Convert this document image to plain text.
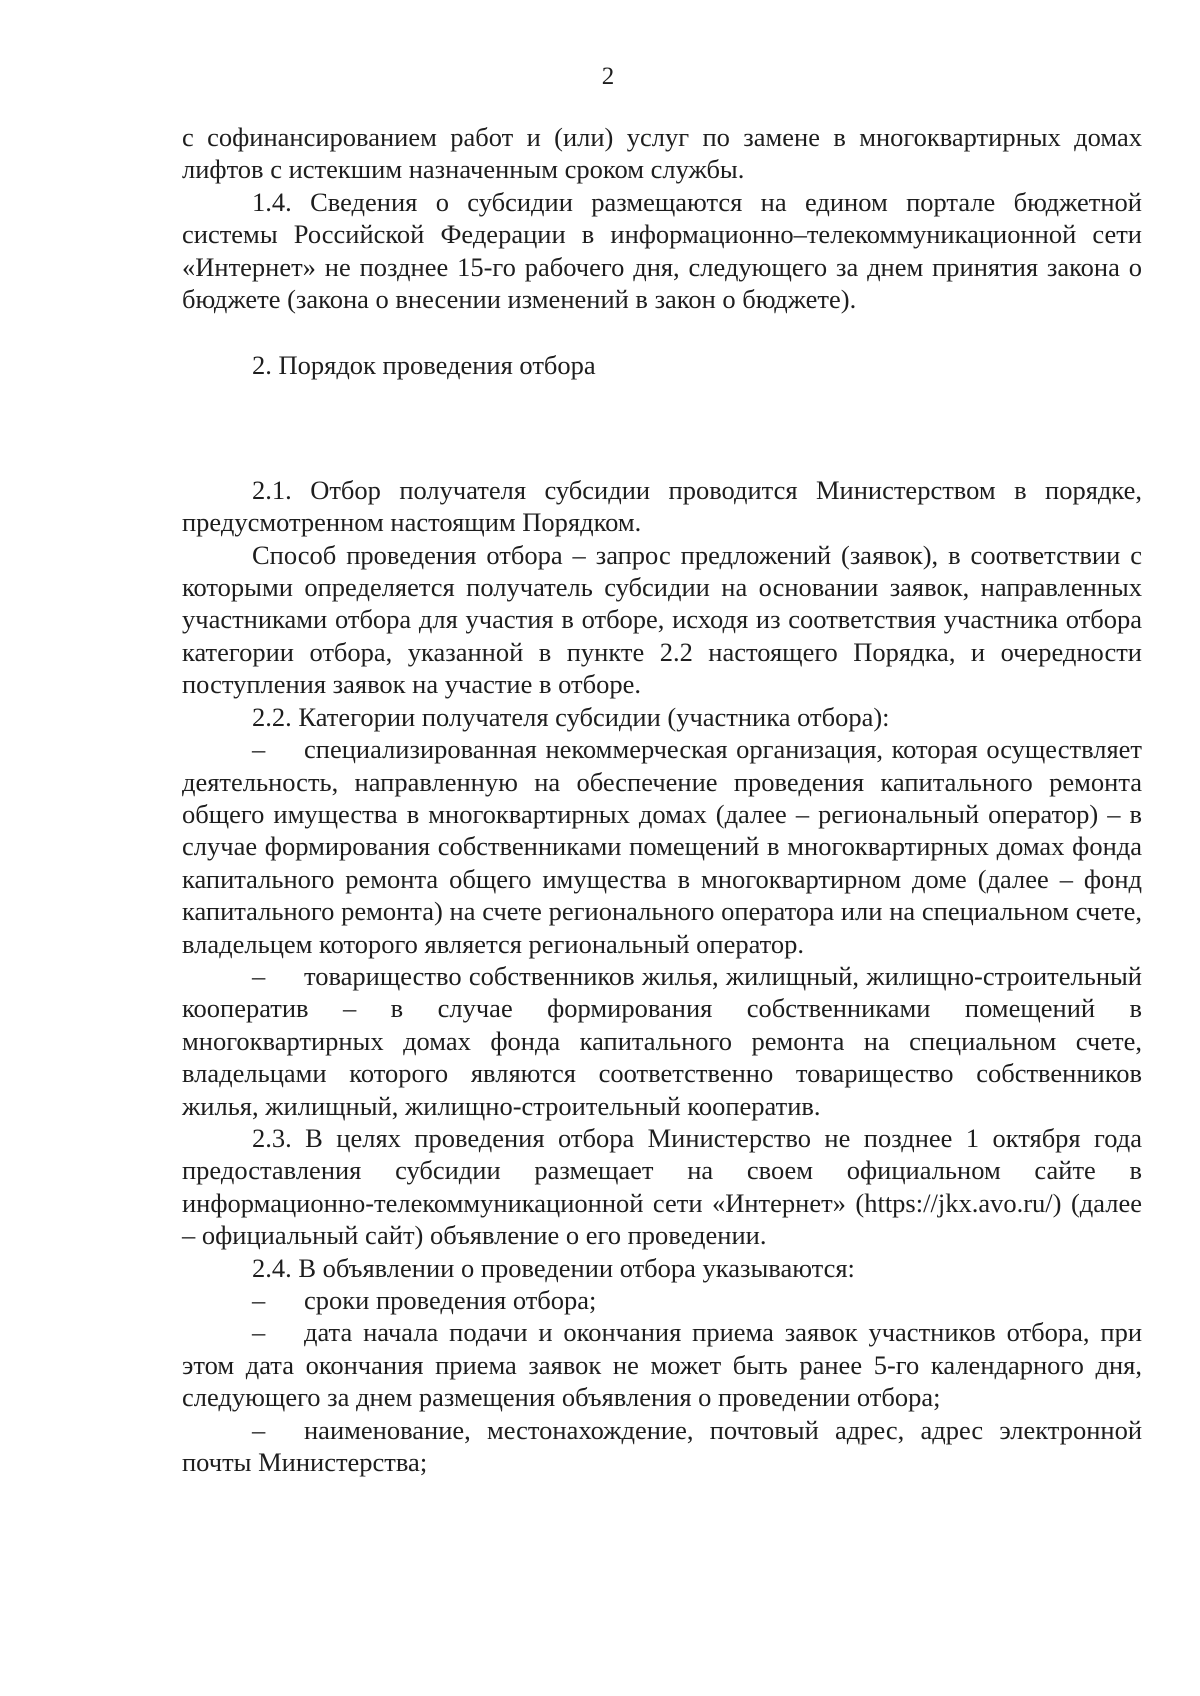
2

с софинансированием работ и (или) услуг по замене в многоквартирных домах лифтов с истекшим назначенным сроком службы.

1.4. Сведения о субсидии размещаются на едином портале бюджетной системы Российской Федерации в информационно–телекоммуникационной сети «Интернет» не позднее 15-го рабочего дня, следующего за днем принятия закона о бюджете (закона о внесении изменений в закон о бюджете).

2. Порядок проведения отбора

2.1. Отбор получателя субсидии проводится Министерством в порядке, предусмотренном настоящим Порядком.

Способ проведения отбора – запрос предложений (заявок), в соответствии с которыми определяется получатель субсидии на основании заявок, направленных участниками отбора для участия в отборе, исходя из соответствия участника отбора категории отбора, указанной в пункте 2.2 настоящего Порядка, и очередности поступления заявок на участие в отборе.

2.2. Категории получателя субсидии (участника отбора):

– специализированная некоммерческая организация, которая осуществляет деятельность, направленную на обеспечение проведения капитального ремонта общего имущества в многоквартирных домах (далее – региональный оператор) – в случае формирования собственниками помещений в многоквартирных домах фонда капитального ремонта общего имущества в многоквартирном доме (далее – фонд капитального ремонта) на счете регионального оператора или на специальном счете, владельцем которого является региональный оператор.

– товарищество собственников жилья, жилищный, жилищно-строительный кооператив – в случае формирования собственниками помещений в многоквартирных домах фонда капитального ремонта на специальном счете, владельцами которого являются соответственно товарищество собственников жилья, жилищный, жилищно-строительный кооператив.

2.3. В целях проведения отбора Министерство не позднее 1 октября года предоставления субсидии размещает на своем официальном сайте в информационно-телекоммуникационной сети «Интернет» (https://jkx.avo.ru/) (далее – официальный сайт) объявление о его проведении.

2.4. В объявлении о проведении отбора указываются:

– сроки проведения отбора;

– дата начала подачи и окончания приема заявок участников отбора, при этом дата окончания приема заявок не может быть ранее 5-го календарного дня, следующего за днем размещения объявления о проведении отбора;

– наименование, местонахождение, почтовый адрес, адрес электронной почты Министерства;
